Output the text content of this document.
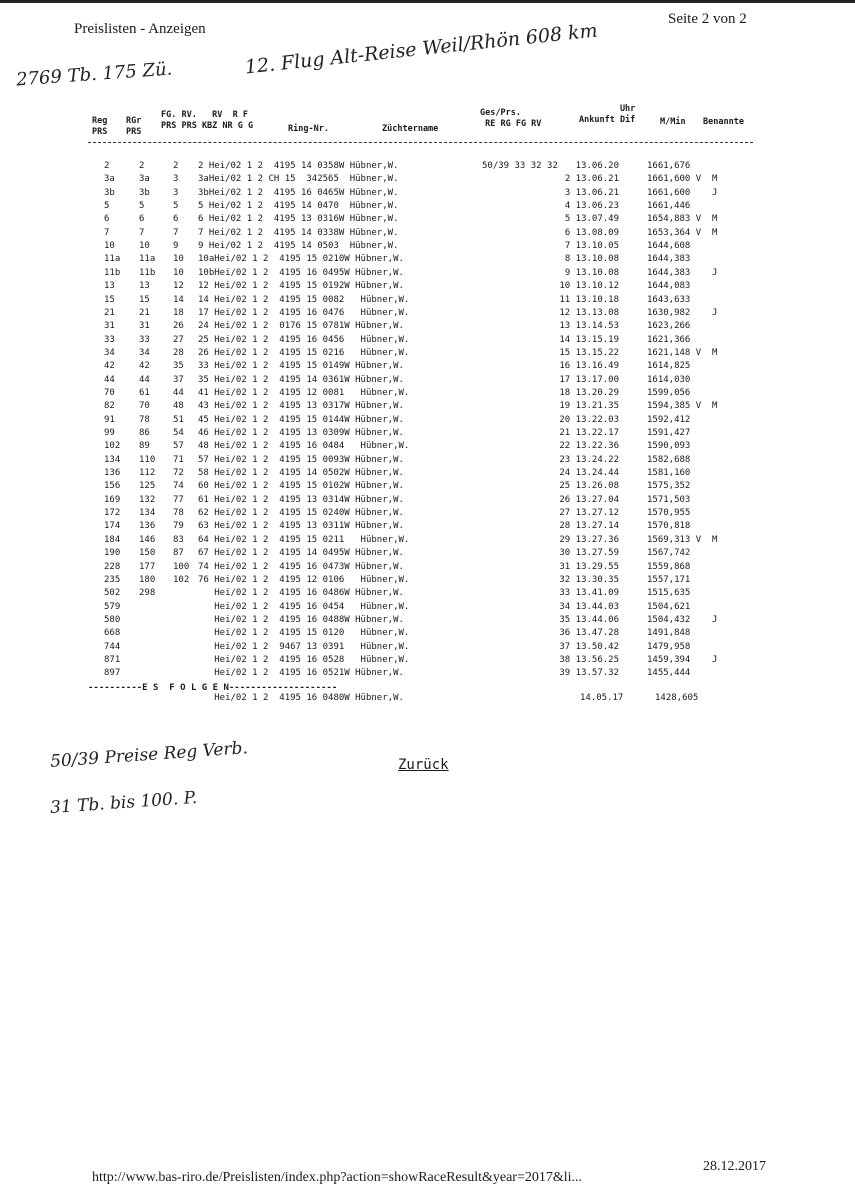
Preislisten - Anzeigen
Seite 2 von 2
2769 Tb. 175 Zü.	12. Flug Alt-Reise Weil/Rhön 608 km
Reg
PRS
RGr
PRS
FG. RV.   RV  R F
PRS PRS KBZ NR G G	Ring-Nr.	Züchtername
Ges/Prs.
RE RG FG RV
Uhr
Ankunft Dif	M/Min Benannte
2	2	2 2 Hei/02 1 2  4195 14 0358W Hübner,W.	50/39 33 32 32	13.06.20	1661,676
3a	3a	3 3aHei/02 1 2 CH 15  342565  Hübner,W.	2 13.06.21	1661,600 V  M
3b	3b	3 3bHei/02 1 2  4195 16 0465W Hübner,W.	3 13.06.21	1661,600    J
5	5	5 5 Hei/02 1 2  4195 14 0470  Hübner,W.	4 13.06.23	1661,446
6	6	6 6 Hei/02 1 2  4195 13 0316W Hübner,W.	5 13.07.49	1654,883 V  M
7	7	7 7 Hei/02 1 2  4195 14 0338W Hübner,W.	6 13.08.09	1653,364 V  M
10	10	9 9 Hei/02 1 2  4195 14 0503  Hübner,W.	7 13.10.05	1644,608
11a 11a 10 10aHei/02 1 2  4195 15 0210W Hübner,W.	8 13.10.08	1644,383
11b 11b 10 10bHei/02 1 2  4195 16 0495W Hübner,W.	9 13.10.08	1644,383    J
13	13	12 12 Hei/02 1 2  4195 15 0192W Hübner,W.	10 13.10.12	1644,083
15	15	14 14 Hei/02 1 2  4195 15 0082   Hübner,W.	11 13.10.18	1643,633
21	21	18 17 Hei/02 1 2  4195 16 0476   Hübner,W.	12 13.13.08	1630,982    J
31	31	26 24 Hei/02 1 2  0176 15 0781W Hübner,W.	13 13.14.53	1623,266
33	33	27 25 Hei/02 1 2  4195 16 0456   Hübner,W.	14 13.15.19	1621,366
34	34	28 26 Hei/02 1 2  4195 15 0216   Hübner,W.	15 13.15.22	1621,148 V  M
42	42	35 33 Hei/02 1 2  4195 15 0149W Hübner,W.	16 13.16.49	1614,825
44	44	37 35 Hei/02 1 2  4195 14 0361W Hübner,W.	17 13.17.00	1614,030
70	61	44 41 Hei/02 1 2  4195 12 0081   Hübner,W.	18 13.20.29	1599,056
82	70	48 43 Hei/02 1 2  4195 13 0317W Hübner,W.	19 13.21.35	1594,385 V  M
91	78	51 45 Hei/02 1 2  4195 15 0144W Hübner,W.	20 13.22.03	1592,412
99	86	54 46 Hei/02 1 2  4195 13 0309W Hübner,W.	21 13.22.17	1591,427
102 89	57 48 Hei/02 1 2  4195 16 0484   Hübner,W.	22 13.22.36	1590,093
134 110 71 57 Hei/02 1 2  4195 15 0093W Hübner,W.	23 13.24.22	1582,688
136 112 72 58 Hei/02 1 2  4195 14 0502W Hübner,W.	24 13.24.44	1581,160
156 125 74 60 Hei/02 1 2  4195 15 0102W Hübner,W.	25 13.26.08	1575,352
169 132 77 61 Hei/02 1 2  4195 13 0314W Hübner,W.	26 13.27.04	1571,503
172 134 78 62 Hei/02 1 2  4195 15 0240W Hübner,W.	27 13.27.12	1570,955
174 136 79 63 Hei/02 1 2  4195 13 0311W Hübner,W.	28 13.27.14	1570,818
184 146 83 64 Hei/02 1 2  4195 15 0211   Hübner,W.	29 13.27.36	1569,313 V  M
190 150 87 67 Hei/02 1 2  4195 14 0495W Hübner,W.	30 13.27.59	1567,742
228 177 100 74 Hei/02 1 2  4195 16 0473W Hübner,W.	31 13.29.55	1559,868
235 180 102 76 Hei/02 1 2  4195 12 0106   Hübner,W.	32 13.30.35	1557,171
502 298	Hei/02 1 2  4195 16 0486W Hübner,W.	33 13.41.09	1515,635
579	Hei/02 1 2  4195 16 0454   Hübner,W.	34 13.44.03	1504,621
580	Hei/02 1 2  4195 16 0488W Hübner,W.	35 13.44.06	1504,432    J
668	Hei/02 1 2  4195 15 0120   Hübner,W.	36 13.47.28	1491,848
744	Hei/02 1 2  9467 13 0391   Hübner,W.	37 13.50.42	1479,958
871	Hei/02 1 2  4195 16 0528   Hübner,W.	38 13.56.25	1459,394    J
897	Hei/02 1 2  4195 16 0521W Hübner,W.	39 13.57.32	1455,444
----------E S  F O L G E N--------------------
Hei/02 1 2  4195 16 0480W Hübner,W.	14.05.17	1428,605
50/39 Preise Reg Verb.	Zurück
31 Tb. bis 100. P.
http://www.bas-riro.de/Preislisten/index.php?action=showRaceResult&year=2017&li...
28.12.2017
